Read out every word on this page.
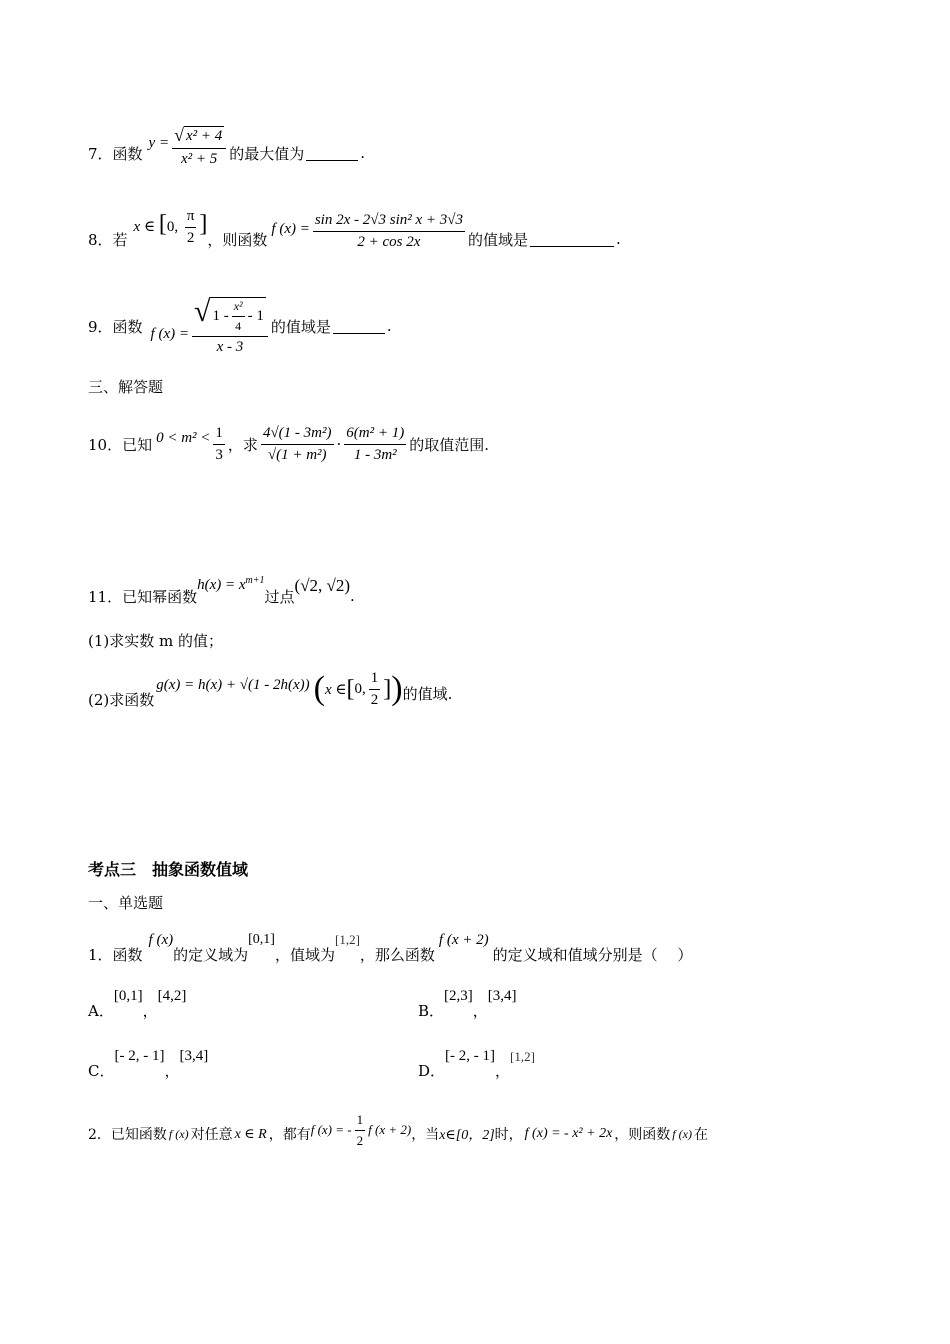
7．函数
$y = \frac{\text{√ x² + 4}}{\text{x² + 5}}$ 的最大值为	.
8．若
x ∈ [0, $\frac{\pi}{2}$ ]
，则函数
f $(x) = \frac{\text{sin 2x - 2√3 sin² x + 3√3}}{2 + \cos 2x}$ 的值域是	.
9．函数 f $(x) = \frac{√ 1 - \frac{\text{x²}}{4} - 1}{x - 3}$ 的值域是	.
三、解答题
10．已知 $0 < m^2 < \frac{1}{3}$ ，求 $\frac{\text{4√(1 - 3m²)}}{\text{√(1 + m²)}} \cdot \frac{\text{6(m² + 1)}}{\text{1 - 3m²}}$ 的取值范围.
11．已知幂函数
$h(x) = x^{m+1}$
过点
(√2, √2)
.
(1)求实数 m 的值；
(2)求函数
g(x) = h(x) + √(1 - 2h(x)) ( x ∈ [ 0, $\frac{1}{2}$ ] ) 的值域.
考点三　抽象函数值域
一、单选题
1．函数
f (x)
的定义域为
[0,1]
，值域为
[1,2]
，那么函数
f (x + 2)
的定义域和值域分别是（　 ）
A．
[0,1]
，
[4,2]
B．
[2,3]
，
[3,4]
C．
[- 2, - 1]
，
[3,4]
D．
[- 2, - 1]
，
[1,2]
2．已知函数 f (x) 对任意 x ∈ R ，都有 f (x) = - $\frac{1}{2}$ f (x + 2) ，当 x∈[0，2] 时， f (x) = - x² + 2x ，则函数 f (x) 在
